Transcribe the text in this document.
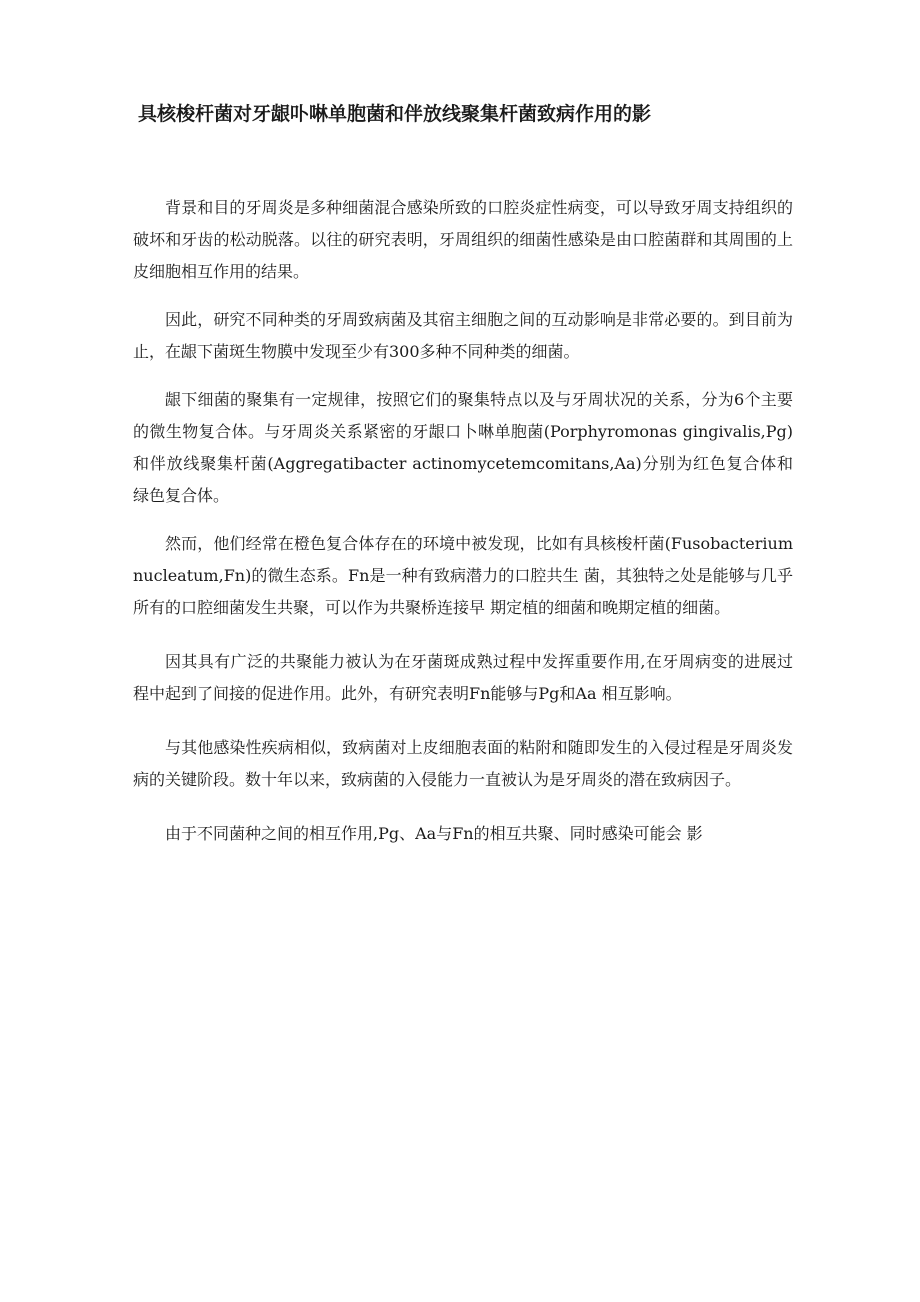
具核梭杆菌对牙龈卟啉单胞菌和伴放线聚集杆菌致病作用的影

背景和目的牙周炎是多种细菌混合感染所致的口腔炎症性病变，可以导致牙周支持组织的破坏和牙齿的松动脱落。以往的研究表明，牙周组织的细菌性感染是由口腔菌群和其周围的上皮细胞相互作用的结果。

因此，研究不同种类的牙周致病菌及其宿主细胞之间的互动影响是非常必要的。到目前为止，在龈下菌斑生物膜中发现至少有300多种不同种类的细菌。

龈下细菌的聚集有一定规律，按照它们的聚集特点以及与牙周状况的关系，分为6个主要的微生物复合体。与牙周炎关系紧密的牙龈口卜啉单胞菌(Porphyromonas gingivalis,Pg)和伴放线聚集杆菌(Aggregatibacter actinomycetemcomitans,Aa)分别为红色复合体和绿色复合体。

然而，他们经常在橙色复合体存在的环境中被发现，比如有具核梭杆菌(Fusobacterium nucleatum,Fn)的微生态系。Fn是一种有致病潜力的口腔共生 菌，其独特之处是能够与几乎所有的口腔细菌发生共聚，可以作为共聚桥连接早 期定植的细菌和晚期定植的细菌。

因其具有广泛的共聚能力被认为在牙菌斑成熟过程中发挥重要作用,在牙周病变的进展过程中起到了间接的促进作用。此外，有研究表明Fn能够与Pg和Aa 相互影响。

与其他感染性疾病相似，致病菌对上皮细胞表面的粘附和随即发生的入侵过程是牙周炎发病的关键阶段。数十年以来，致病菌的入侵能力一直被认为是牙周炎的潜在致病因子。

由于不同菌种之间的相互作用,Pg、Aa与Fn的相互共聚、同时感染可能会 影
